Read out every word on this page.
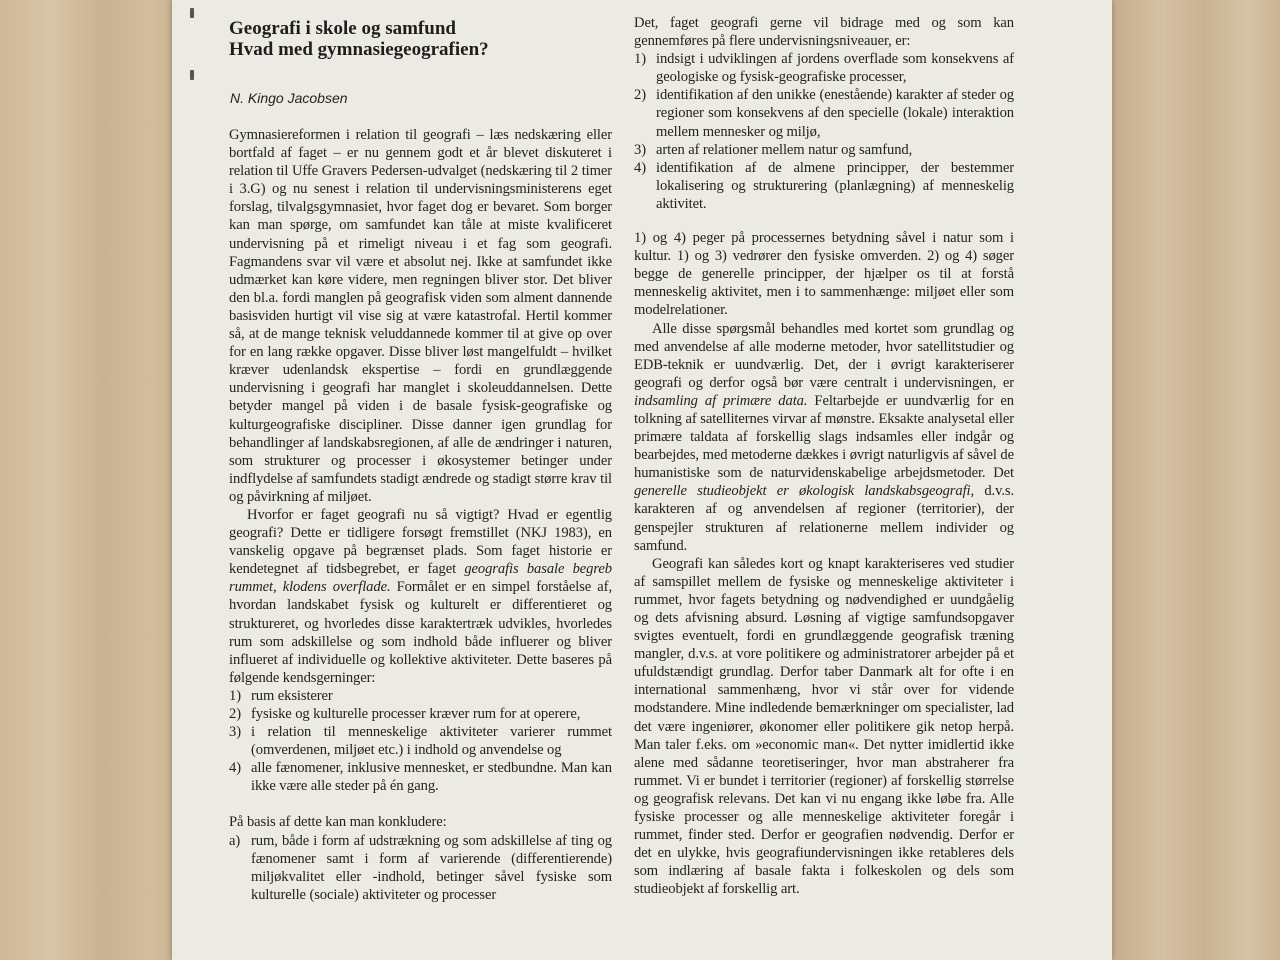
Geografi i skole og samfund
Hvad med gymnasiegeografien?
N. Kingo Jacobsen

Gymnasiereformen i relation til geografi – læs nedskæring eller bortfald af faget – er nu gennem godt et år blevet diskuteret i relation til Uffe Gravers Pedersen-udvalget (nedskæring til 2 timer i 3.G) og nu senest i relation til undervisningsministerens eget forslag, tilvalgsgymnasiet, hvor faget dog er bevaret. Som borger kan man spørge, om samfundet kan tåle at miste kvalificeret undervisning på et rimeligt niveau i et fag som geografi. Fagmandens svar vil være et absolut nej. Ikke at samfundet ikke udmærket kan køre videre, men regningen bliver stor. Det bliver den bl.a. fordi manglen på geografisk viden som alment dannende basisviden hurtigt vil vise sig at være katastrofal. Hertil kommer så, at de mange teknisk veluddannede kommer til at give op over for en lang række opgaver. Disse bliver løst mangelfuldt – hvilket kræver udenlandsk ekspertise – fordi en grundlæggende undervisning i geografi har manglet i skoleuddannelsen. Dette betyder mangel på viden i de basale fysisk-geografiske og kulturgeografiske discipliner. Disse danner igen grundlag for behandlinger af landskabsregionen, af alle de ændringer i naturen, som strukturer og processer i økosystemer betinger under indflydelse af samfundets stadigt ændrede og stadigt større krav til og påvirkning af miljøet.

Hvorfor er faget geografi nu så vigtigt? Hvad er egentlig geografi? Dette er tidligere forsøgt fremstillet (NKJ 1983), en vanskelig opgave på begrænset plads. Som faget historie er kendetegnet af tidsbegrebet, er faget geografis basale begreb rummet, klodens overflade. Formålet er en simpel forståelse af, hvordan landskabet fysisk og kulturelt er differentieret og struktureret, og hvorledes disse karaktertræk udvikles, hvorledes rum som adskillelse og som indhold både influerer og bliver influeret af individuelle og kollektive aktiviteter. Dette baseres på følgende kendsgerninger:

1) rum eksisterer
2) fysiske og kulturelle processer kræver rum for at operere,
3) i relation til menneskelige aktiviteter varierer rummet (omverdenen, miljøet etc.) i indhold og anvendelse og
4) alle fænomener, inklusive mennesket, er stedbundne. Man kan ikke være alle steder på én gang.

På basis af dette kan man konkludere:

a) rum, både i form af udstrækning og som adskillelse af ting og fænomener samt i form af varierende (differentierende) miljøkvalitet eller -indhold, betinger såvel fysiske som kulturelle (sociale) aktiviteter og processer

Det, faget geografi gerne vil bidrage med og som kan gennemføres på flere undervisningsniveauer, er:

1) indsigt i udviklingen af jordens overflade som konsekvens af geologiske og fysisk-geografiske processer,
2) identifikation af den unikke (enestående) karakter af steder og regioner som konsekvens af den specielle (lokale) interaktion mellem mennesker og miljø,
3) arten af relationer mellem natur og samfund,
4) identifikation af de almene principper, der bestemmer lokalisering og strukturering (planlægning) af menneskelig aktivitet.

1) og 4) peger på processernes betydning såvel i natur som i kultur. 1) og 3) vedrører den fysiske omverden. 2) og 4) søger begge de generelle principper, der hjælper os til at forstå menneskelig aktivitet, men i to sammenhænge: miljøet eller som modelrelationer.

Alle disse spørgsmål behandles med kortet som grundlag og med anvendelse af alle moderne metoder, hvor satellitstudier og EDB-teknik er uundværlig. Det, der i øvrigt karakteriserer geografi og derfor også bør være centralt i undervisningen, er indsamling af primære data. Feltarbejde er uundværlig for en tolkning af satelliternes virvar af mønstre. Eksakte analysetal eller primære taldata af forskellig slags indsamles eller indgår og bearbejdes, med metoderne dækkes i øvrigt naturligvis af såvel de humanistiske som de naturvidenskabelige arbejdsmetoder. Det generelle studieobjekt er økologisk landskabsgeografi, d.v.s. karakteren af og anvendelsen af regioner (territorier), der genspejler strukturen af relationerne mellem individer og samfund.

Geografi kan således kort og knapt karakteriseres ved studier af samspillet mellem de fysiske og menneskelige aktiviteter i rummet, hvor fagets betydning og nødvendighed er uundgåelig og dets afvisning absurd. Løsning af vigtige samfundsopgaver svigtes eventuelt, fordi en grundlæggende geografisk træning mangler, d.v.s. at vore politikere og administratorer arbejder på et ufuldstændigt grundlag. Derfor taber Danmark alt for ofte i en international sammenhæng, hvor vi står over for vidende modstandere. Mine indledende bemærkninger om specialister, lad det være ingeniører, økonomer eller politikere gik netop herpå. Man taler f.eks. om »economic man«. Det nytter imidlertid ikke alene med sådanne teoretiseringer, hvor man abstraherer fra rummet. Vi er bundet i territorier (regioner) af forskellig størrelse og geografisk relevans. Det kan vi nu engang ikke løbe fra. Alle fysiske processer og alle menneskelige aktiviteter foregår i rummet, finder sted. Derfor er geografien nødvendig. Derfor er det en ulykke, hvis geografiundervisningen ikke retableres dels som indlæring af basale fakta i folkeskolen og dels som studieobjekt af forskellig art.
